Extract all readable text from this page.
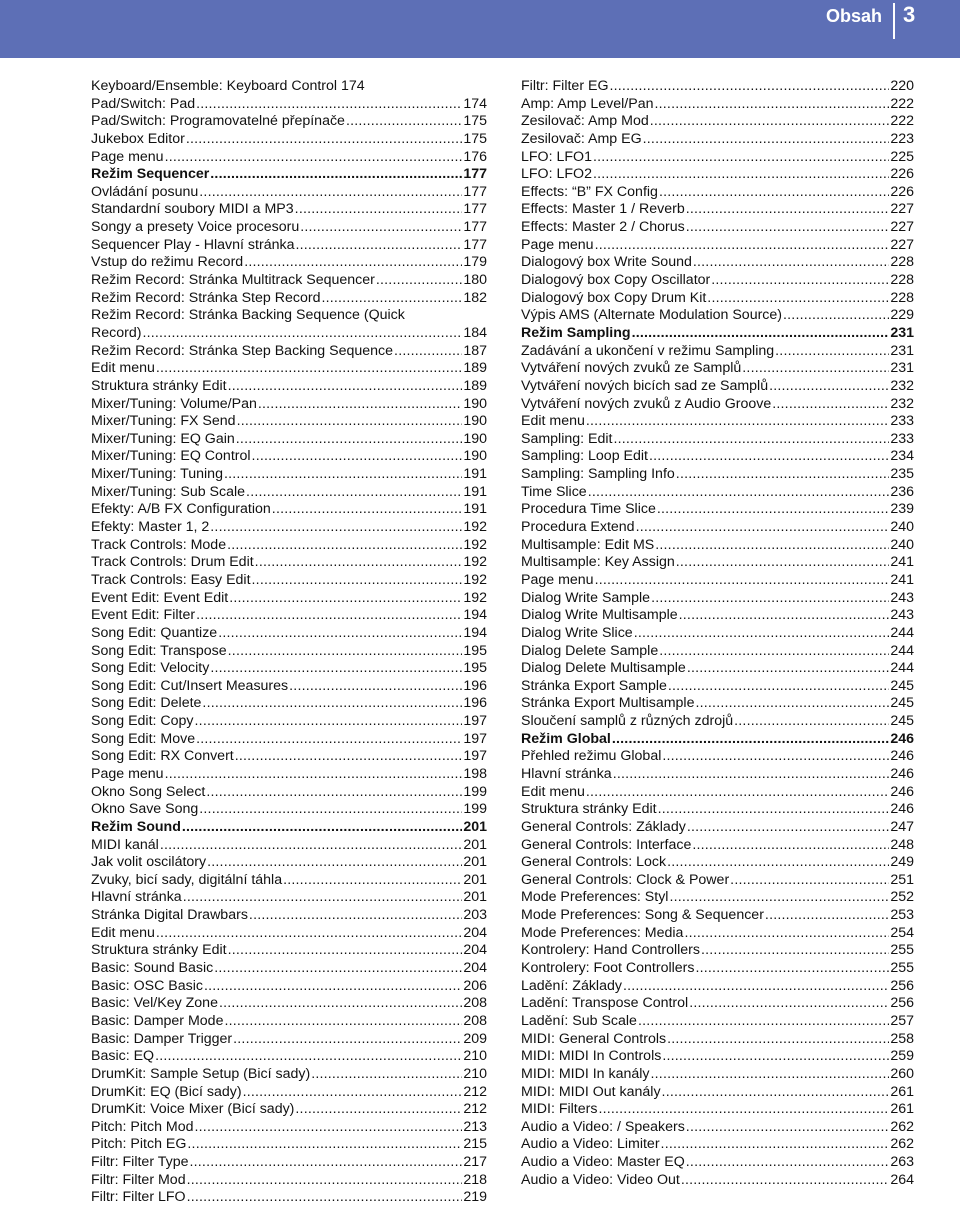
Obsah 3
Keyboard/Ensemble: Keyboard Control 174
Pad/Switch: Pad .....	174
Pad/Switch: Programovatelné přepínače .....	175
Jukebox Editor .....	175
Page menu .....	176
Režim Sequencer .....	177
Ovládání posunu .....	177
Standardní soubory MIDI a MP3 .....	177
Songy a presety Voice procesoru .....	177
Sequencer Play - Hlavní stránka .....	177
Vstup do režimu Record .....	179
Režim Record: Stránka Multitrack Sequencer .....	180
Režim Record: Stránka Step Record .....	182
Režim Record: Stránka Backing Sequence (Quick
Record) .....	184
Režim Record: Stránka Step Backing Sequence .....	187
Edit menu .....	189
Struktura stránky Edit .....	189
Mixer/Tuning: Volume/Pan .....	190
Mixer/Tuning: FX Send .....	190
Mixer/Tuning: EQ Gain .....	190
Mixer/Tuning: EQ Control .....	190
Mixer/Tuning: Tuning .....	191
Mixer/Tuning: Sub Scale .....	191
Efekty: A/B FX Configuration .....	191
Efekty: Master 1, 2 .....	192
Track Controls: Mode .....	192
Track Controls: Drum Edit .....	192
Track Controls: Easy Edit .....	192
Event Edit: Event Edit .....	192
Event Edit: Filter .....	194
Song Edit: Quantize .....	194
Song Edit: Transpose .....	195
Song Edit: Velocity .....	195
Song Edit: Cut/Insert Measures .....	196
Song Edit: Delete .....	196
Song Edit: Copy .....	197
Song Edit: Move .....	197
Song Edit: RX Convert .....	197
Page menu .....	198
Okno Song Select .....	199
Okno Save Song .....	199
Režim Sound .....	201
MIDI kanál .....	201
Jak volit oscilátory .....	201
Zvuky, bicí sady, digitální táhla .....	201
Hlavní stránka .....	201
Stránka Digital Drawbars .....	203
Edit menu .....	204
Struktura stránky Edit .....	204
Basic: Sound Basic .....	204
Basic: OSC Basic .....	206
Basic: Vel/Key Zone .....	208
Basic: Damper Mode .....	208
Basic: Damper Trigger .....	209
Basic: EQ .....	210
DrumKit: Sample Setup (Bicí sady) .....	210
DrumKit: EQ (Bicí sady) .....	212
DrumKit: Voice Mixer (Bicí sady) .....	212
Pitch: Pitch Mod .....	213
Pitch: Pitch EG .....	215
Filtr: Filter Type .....	217
Filtr: Filter Mod .....	218
Filtr: Filter LFO .....	219
Filtr: Filter EG .....	220
Amp: Amp Level/Pan .....	222
Zesilovač: Amp Mod .....	222
Zesilovač: Amp EG .....	223
LFO: LFO1 .....	225
LFO: LFO2 .....	226
Effects: “B” FX Config .....	226
Effects: Master 1 / Reverb .....	227
Effects: Master 2 / Chorus .....	227
Page menu .....	227
Dialogový box Write Sound .....	228
Dialogový box Copy Oscillator .....	228
Dialogový box Copy Drum Kit .....	228
Výpis AMS (Alternate Modulation Source) .....	229
Režim Sampling .....	231
Zadávání a ukončení v režimu Sampling .....	231
Vytváření nových zvuků ze Samplů .....	231
Vytváření nových bicích sad ze Samplů .....	232
Vytváření nových zvuků z Audio Groove .....	232
Edit menu .....	233
Sampling: Edit .....	233
Sampling: Loop Edit .....	234
Sampling: Sampling Info .....	235
Time Slice .....	236
Procedura Time Slice .....	239
Procedura Extend .....	240
Multisample: Edit MS .....	240
Multisample: Key Assign .....	241
Page menu .....	241
Dialog Write Sample .....	243
Dialog Write Multisample .....	243
Dialog Write Slice .....	244
Dialog Delete Sample .....	244
Dialog Delete Multisample .....	244
Stránka Export Sample .....	245
Stránka Export Multisample .....	245
Sloučení samplů z různých zdrojů .....	245
Režim Global .....	246
Přehled režimu Global .....	246
Hlavní stránka .....	246
Edit menu .....	246
Struktura stránky Edit .....	246
General Controls: Základy .....	247
General Controls: Interface .....	248
General Controls: Lock .....	249
General Controls: Clock & Power .....	251
Mode Preferences: Styl .....	252
Mode Preferences: Song & Sequencer .....	253
Mode Preferences: Media .....	254
Kontrolery: Hand Controllers .....	255
Kontrolery: Foot Controllers .....	255
Ladění: Základy .....	256
Ladění: Transpose Control .....	256
Ladění: Sub Scale .....	257
MIDI: General Controls .....	258
MIDI: MIDI In Controls .....	259
MIDI: MIDI In kanály .....	260
MIDI: MIDI Out kanály .....	261
MIDI: Filters .....	261
Audio a Video: / Speakers .....	262
Audio a Video: Limiter .....	262
Audio a Video: Master EQ .....	263
Audio a Video: Video Out .....	264
